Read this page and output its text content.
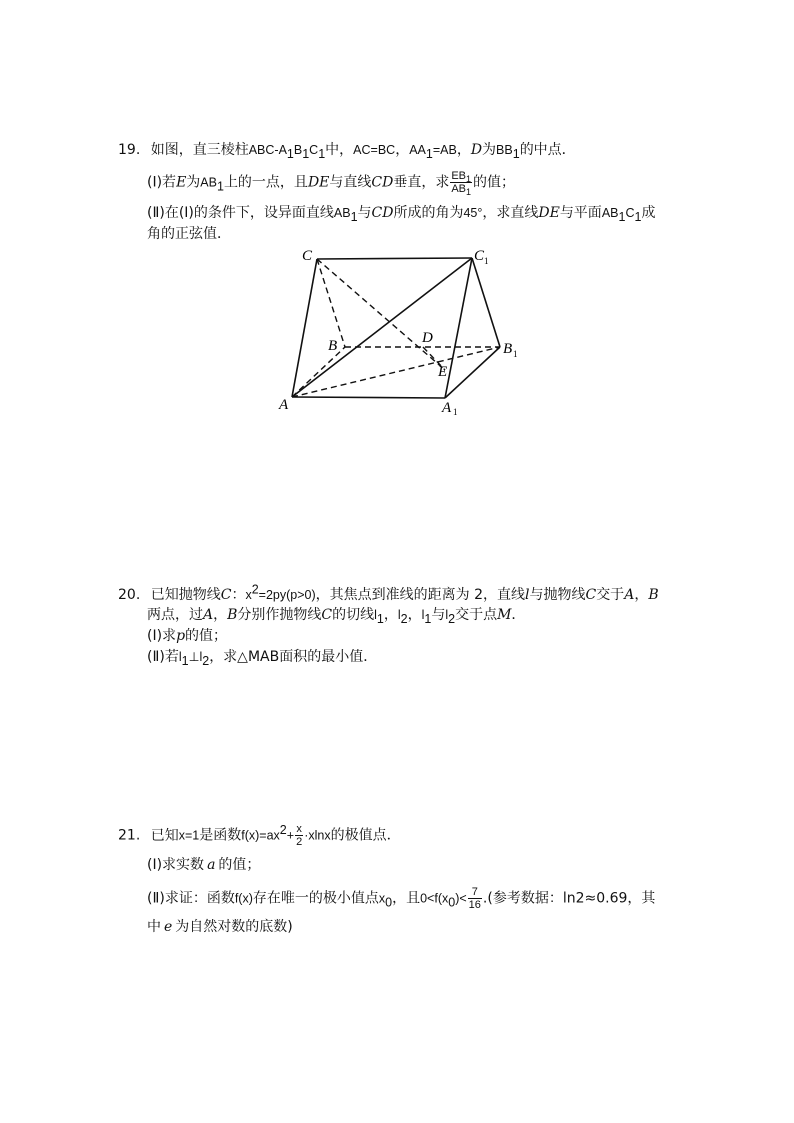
19. 如图，直三棱柱ABC-$A_1B_1C_1$中，AC=BC，$AA_1=AB$，D为$BB_1$的中点．
(Ⅰ)若E为$AB_1$上的一点，且DE与直线CD垂直，求 $\frac{EB_1}{AB_1}$ 的值；
(Ⅱ)在(Ⅰ)的条件下，设异面直线$AB_1$与CD所成的角为45°，求直线DE与平面$AB_1C_1$成
角的正弦值．
C	C 1
B	D
B 1
E
A	A 1
20. 已知抛物线C：$x^2=2py(p>0)$，其焦点到准线的距离为 2，直线l与抛物线C交于A，B
两点，过A，B分别作抛物线C的切线$l_1$，$l_2$，$l_1$与$l_2$交于点M．
(Ⅰ)求p的值；
(Ⅱ)若$l_1\perp l_2$，求△MAB面积的最小值．
21. 已知x=1是函数$f(x)=ax^2+ \frac{x}{2} \cdot xlnx$的极值点．
(Ⅰ)求实数 a 的值；
(Ⅱ)求证：函数f(x)存在唯一的极小值点$x_0$，且$0<f(x_0)< \frac{7}{16}$ .(参考数据：ln2≈0.69，其
中 e 为自然对数的底数)
